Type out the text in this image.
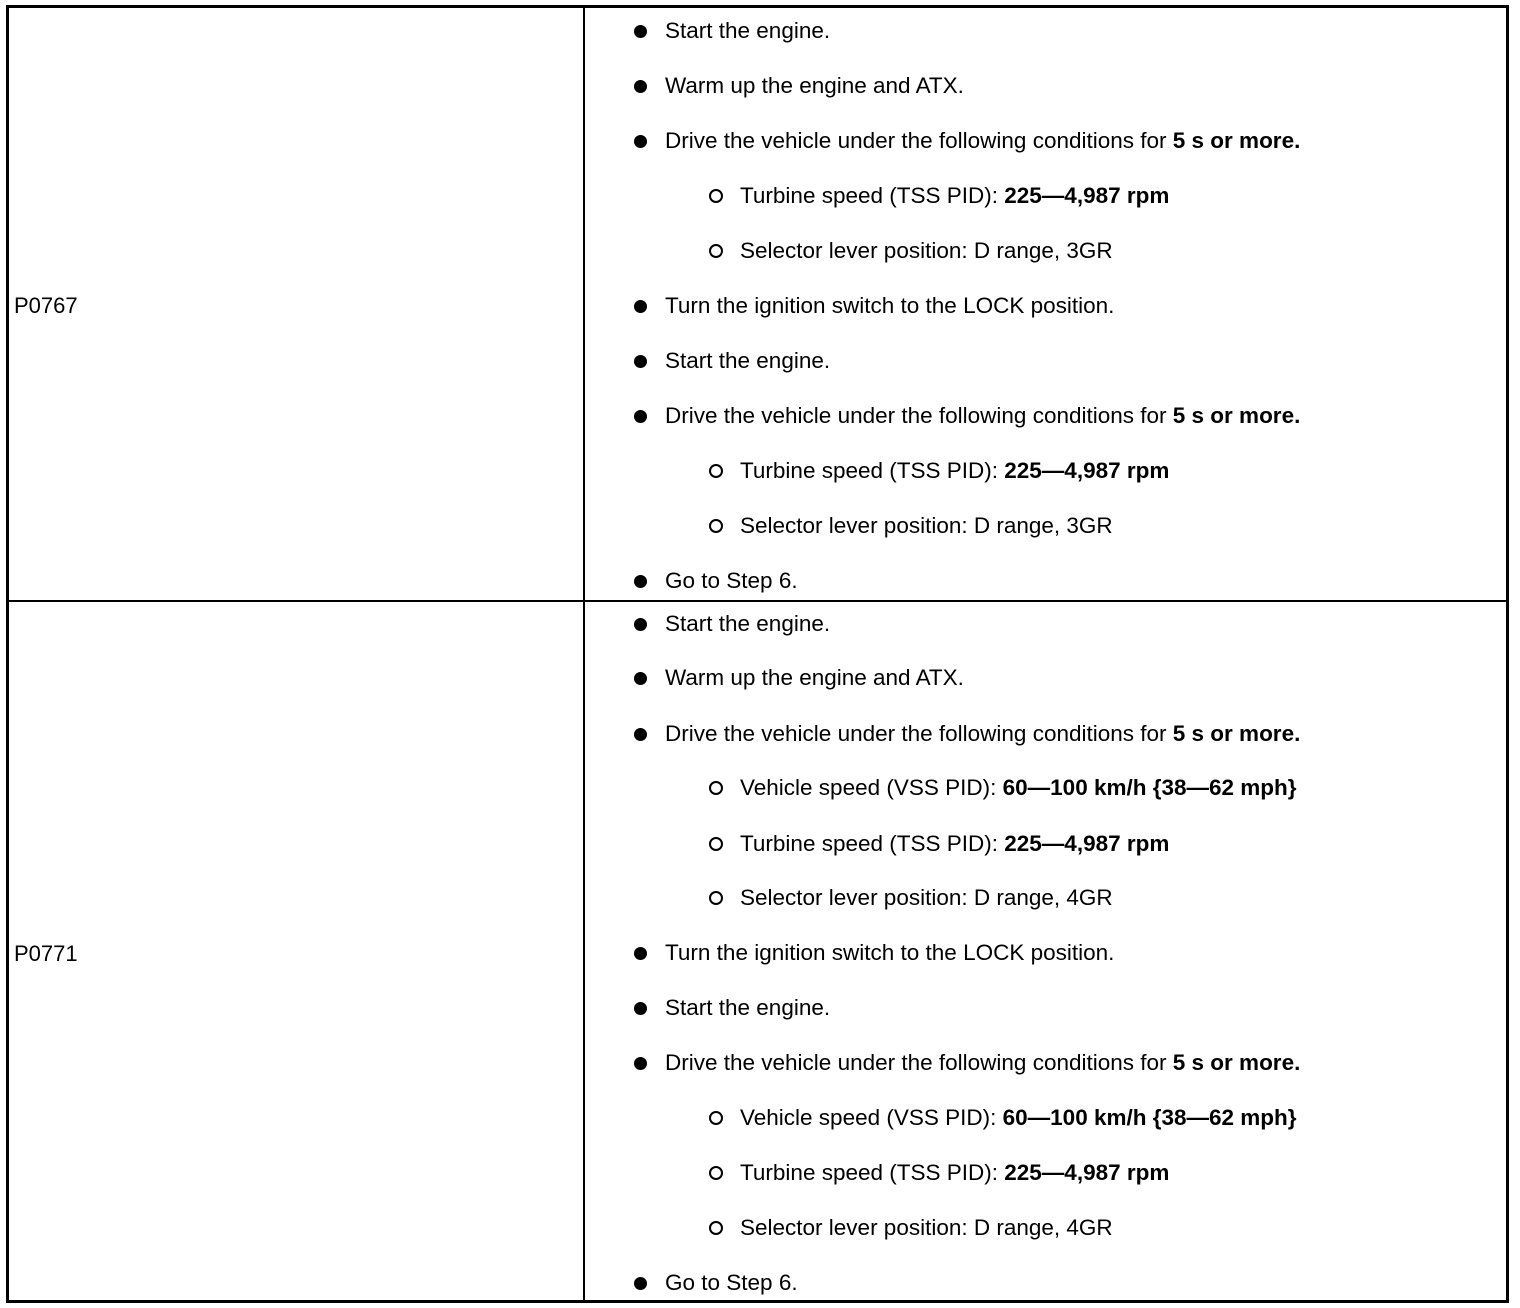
P0767
Start the engine.
Warm up the engine and ATX.
Drive the vehicle under the following conditions for 5 s or more.
Turbine speed (TSS PID): 225—4,987 rpm
Selector lever position: D range, 3GR
Turn the ignition switch to the LOCK position.
Start the engine.
Drive the vehicle under the following conditions for 5 s or more.
Turbine speed (TSS PID): 225—4,987 rpm
Selector lever position: D range, 3GR
Go to Step 6.
P0771
Start the engine.
Warm up the engine and ATX.
Drive the vehicle under the following conditions for 5 s or more.
Vehicle speed (VSS PID): 60—100 km/h {38—62 mph}
Turbine speed (TSS PID): 225—4,987 rpm
Selector lever position: D range, 4GR
Turn the ignition switch to the LOCK position.
Start the engine.
Drive the vehicle under the following conditions for 5 s or more.
Vehicle speed (VSS PID): 60—100 km/h {38—62 mph}
Turbine speed (TSS PID): 225—4,987 rpm
Selector lever position: D range, 4GR
Go to Step 6.
